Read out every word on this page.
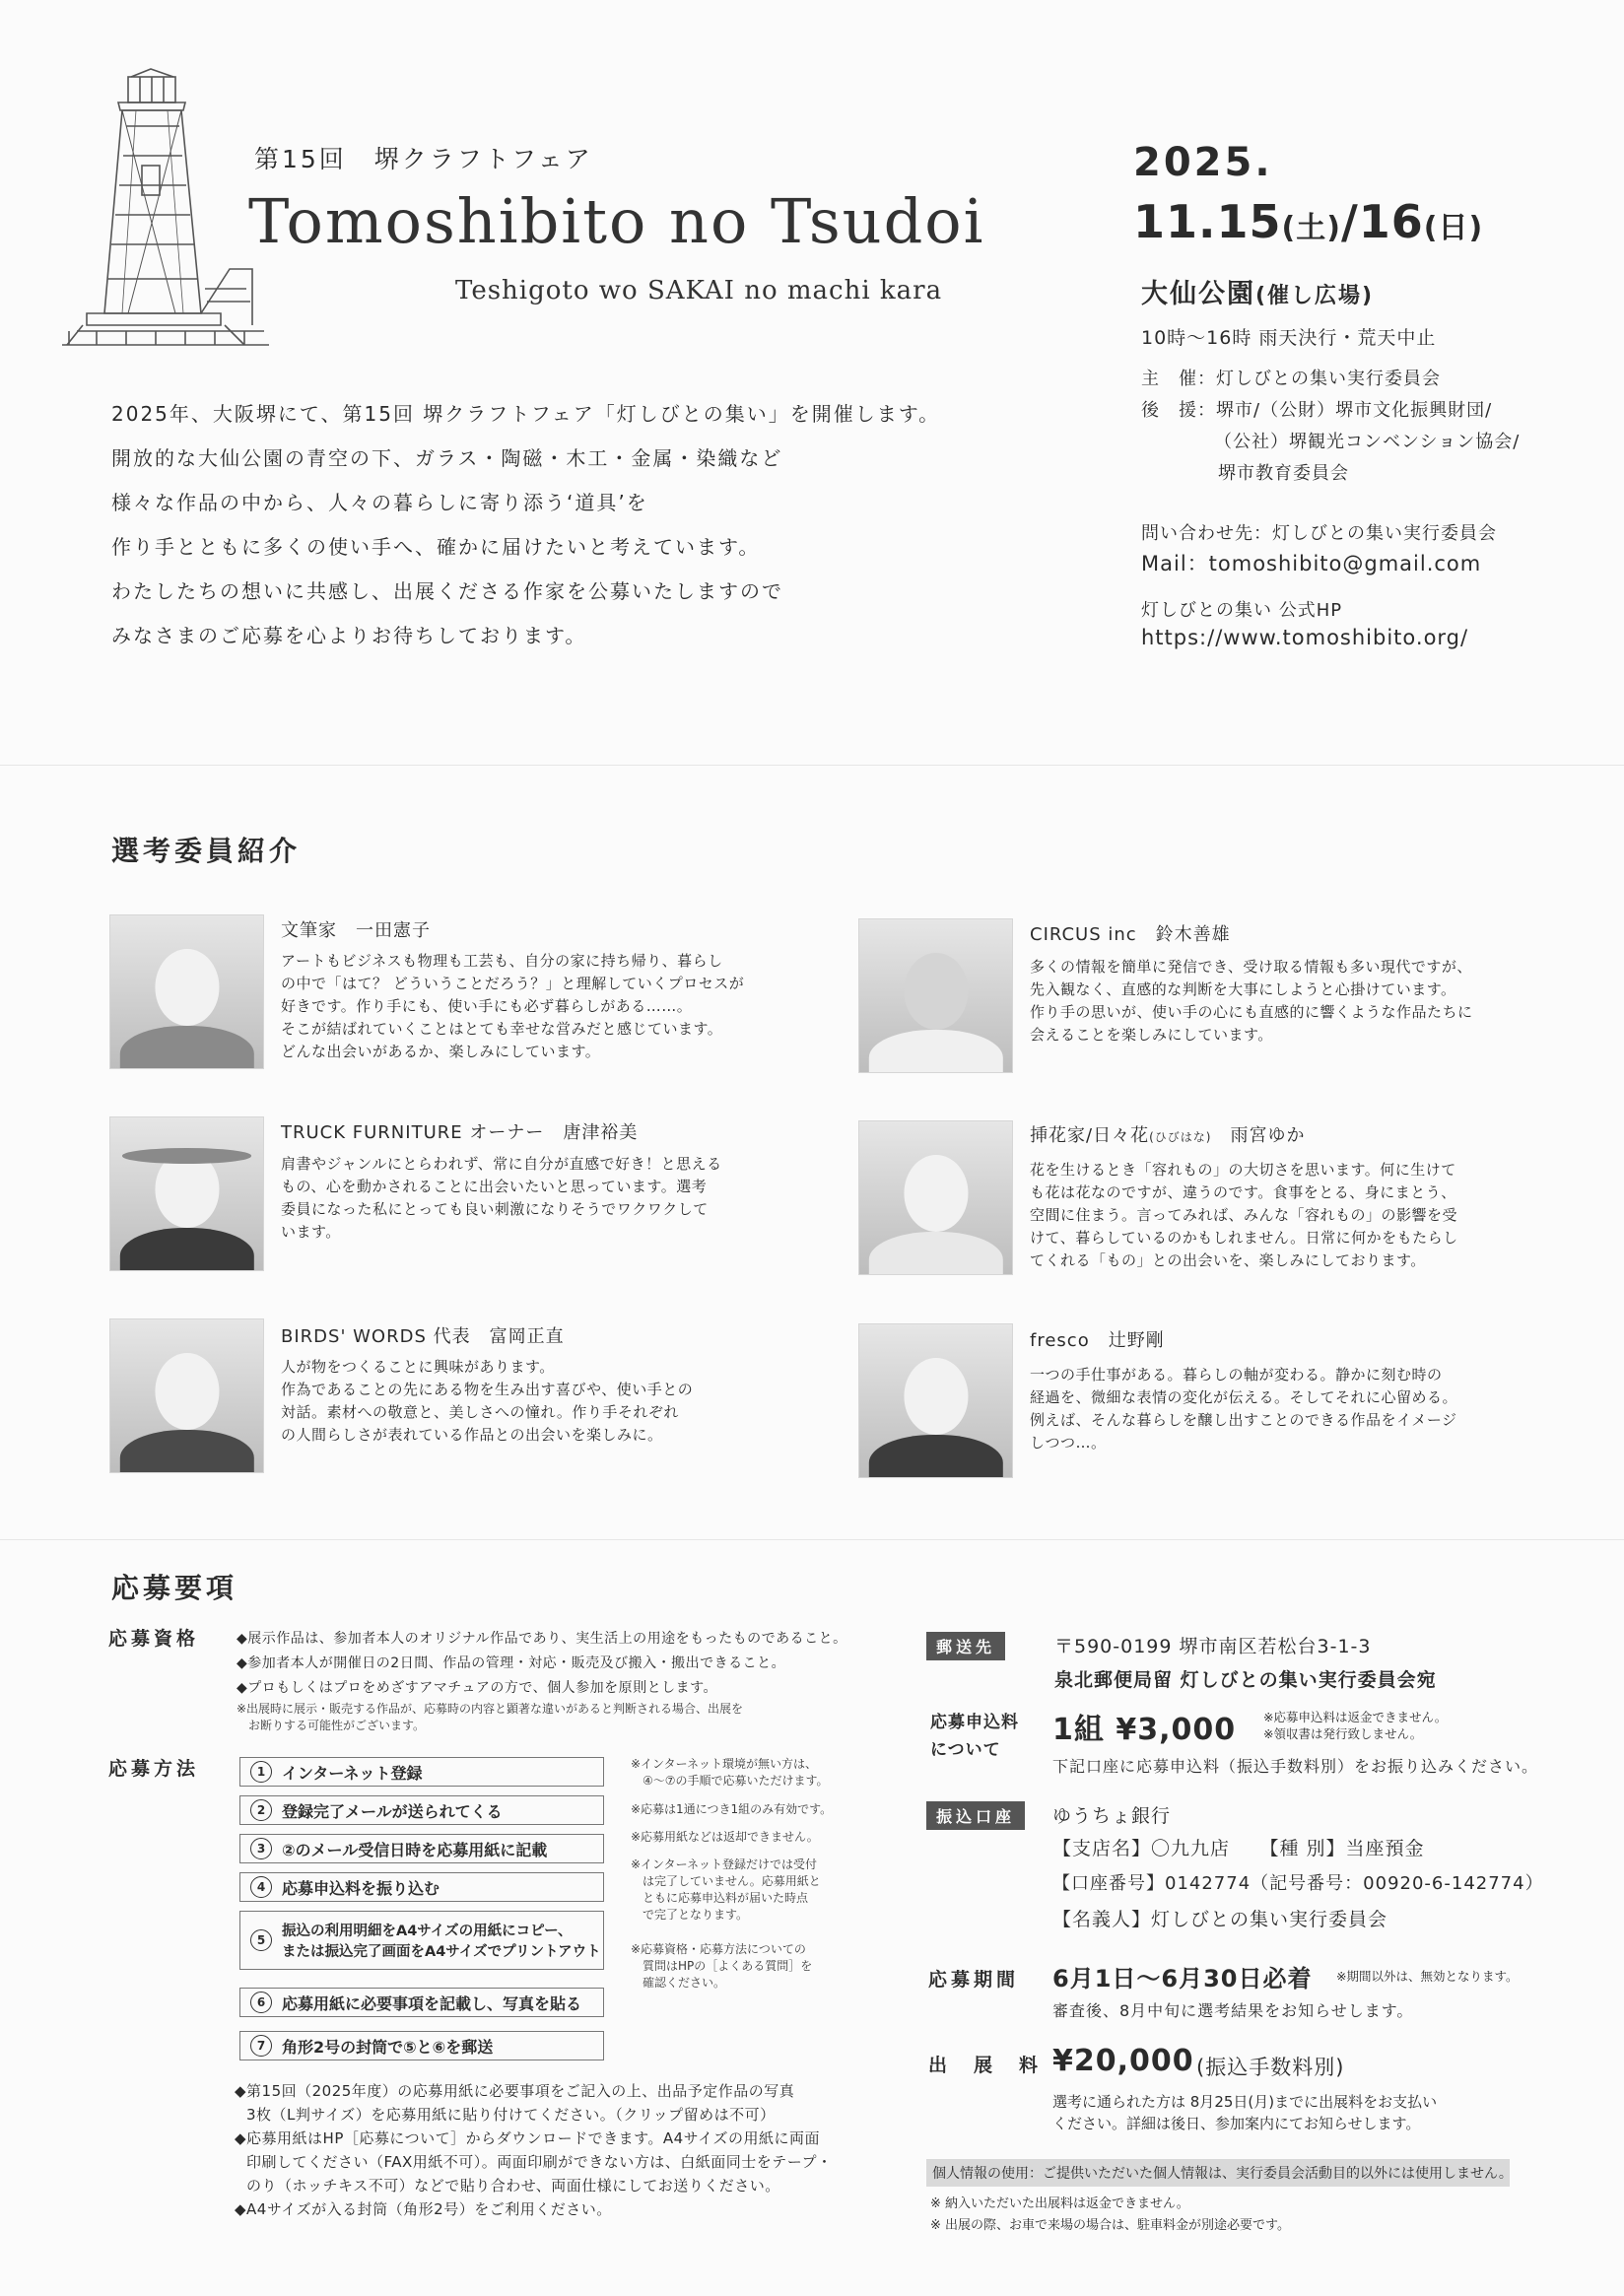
第15回　堺クラフトフェア
Tomoshibito no Tsudoi
Teshigoto wo SAKAI no machi kara
2025.
11.15(土)/16(日)
大仙公園(催し広場)
10時～16時 雨天決行・荒天中止
主　催：灯しびとの集い実行委員会
後　援：堺市/（公財）堺市文化振興財団/
（公社）堺観光コンベンション協会/
堺市教育委員会
問い合わせ先：灯しびとの集い実行委員会
Mail：tomoshibito@gmail.com
灯しびとの集い 公式HP
https://www.tomoshibito.org/
2025年、大阪堺にて、第15回 堺クラフトフェア「灯しびとの集い」を開催します。
開放的な大仙公園の青空の下、ガラス・陶磁・木工・金属・染織など
様々な作品の中から、人々の暮らしに寄り添う‘道具’を
作り手とともに多くの使い手へ、確かに届けたいと考えています。
わたしたちの想いに共感し、出展くださる作家を公募いたしますので
みなさまのご応募を心よりお待ちしております。
選考委員紹介
文筆家　一田憲子
アートもビジネスも物理も工芸も、自分の家に持ち帰り、暮らし
の中で「はて？ どういうことだろう？」と理解していくプロセスが
好きです。作り手にも、使い手にも必ず暮らしがある……。
そこが結ばれていくことはとても幸せな営みだと感じています。
どんな出会いがあるか、楽しみにしています。
TRUCK FURNITURE オーナー　唐津裕美
肩書やジャンルにとらわれず、常に自分が直感で好き！と思える
もの、心を動かされることに出会いたいと思っています。選考
委員になった私にとっても良い刺激になりそうでワクワクして
います。
BIRDS' WORDS 代表　富岡正直
人が物をつくることに興味があります。
作為であることの先にある物を生み出す喜びや、使い手との
対話。素材への敬意と、美しさへの憧れ。作り手それぞれ
の人間らしさが表れている作品との出会いを楽しみに。
CIRCUS inc　鈴木善雄
多くの情報を簡単に発信でき、受け取る情報も多い現代ですが、
先入観なく、直感的な判断を大事にしようと心掛けています。
作り手の思いが、使い手の心にも直感的に響くような作品たちに
会えることを楽しみにしています。
挿花家/日々花(ひびはな)　雨宮ゆか
花を生けるとき「容れもの」の大切さを思います。何に生けて
も花は花なのですが、違うのです。食事をとる、身にまとう、
空間に住まう。言ってみれば、みんな「容れもの」の影響を受
けて、暮らしているのかもしれません。日常に何かをもたらし
てくれる「もの」との出会いを、楽しみにしております。
fresco　辻野剛
一つの手仕事がある。暮らしの軸が変わる。静かに刻む時の
経過を、微細な表情の変化が伝える。そしてそれに心留める。
例えば、そんな暮らしを醸し出すことのできる作品をイメージ
しつつ…。
応募要項
応募資格	◆展示作品は、参加者本人のオリジナル作品であり、実生活上の用途をもったものであること。
◆参加者本人が開催日の2日間、作品の管理・対応・販売及び搬入・搬出できること。
◆プロもしくはプロをめざすアマチュアの方で、個人参加を原則とします。
※出展時に展示・販売する作品が、応募時の内容と顕著な違いがあると判断される場合、出展を
　お断りする可能性がございます。
応募方法	1	インターネット登録
2	登録完了メールが送られてくる
3	②のメール受信日時を応募用紙に記載
4	応募申込料を振り込む
5
振込の利用明細をA4サイズの用紙にコピー、
または振込完了画面をA4サイズでプリントアウト
6	応募用紙に必要事項を記載し、写真を貼る
7	角形2号の封筒で⑤と⑥を郵送
※インターネット環境が無い方は、
　④～⑦の手順で応募いただけます。
※応募は1通につき1組のみ有効です。
※応募用紙などは返却できません。
※インターネット登録だけでは受付
　は完了していません。応募用紙と
　ともに応募申込料が届いた時点
　で完了となります。
※応募資格・応募方法についての
　質問はHPの［よくある質問］を
　確認ください。
◆第15回（2025年度）の応募用紙に必要事項をご記入の上、出品予定作品の写真
3枚（L判サイズ）を応募用紙に貼り付けてください。（クリップ留めは不可）
◆応募用紙はHP［応募について］からダウンロードできます。A4サイズの用紙に両面
印刷してください（FAX用紙不可）。両面印刷ができない方は、白紙面同士をテープ・
のり（ホッチキス不可）などで貼り合わせ、両面仕様にしてお送りください。
◆A4サイズが入る封筒（角形2号）をご利用ください。
郵送先	〒590-0199 堺市南区若松台3-1-3
泉北郵便局留 灯しびとの集い実行委員会宛
応募申込料
について
1組 ¥3,000 ※応募申込料は返金できません。
※領収書は発行致しません。
下記口座に応募申込料（振込手数料別）をお振り込みください。
振込口座	ゆうちょ銀行
【支店名】〇九九店　　【種 別】当座預金
【口座番号】0142774（記号番号：00920-6-142774）
【名義人】灯しびとの集い実行委員会
応募期間 6月1日～6月30日必着 ※期間以外は、無効となります。
審査後、8月中旬に選考結果をお知らせします。
出　展　料 ¥20,000 (振込手数料別)
選考に通られた方は 8月25日(月)までに出展料をお支払い
ください。詳細は後日、参加案内にてお知らせします。
個人情報の使用：ご提供いただいた個人情報は、実行委員会活動目的以外には使用しません。
※ 納入いただいた出展料は返金できません。
※ 出展の際、お車で来場の場合は、駐車料金が別途必要です。
